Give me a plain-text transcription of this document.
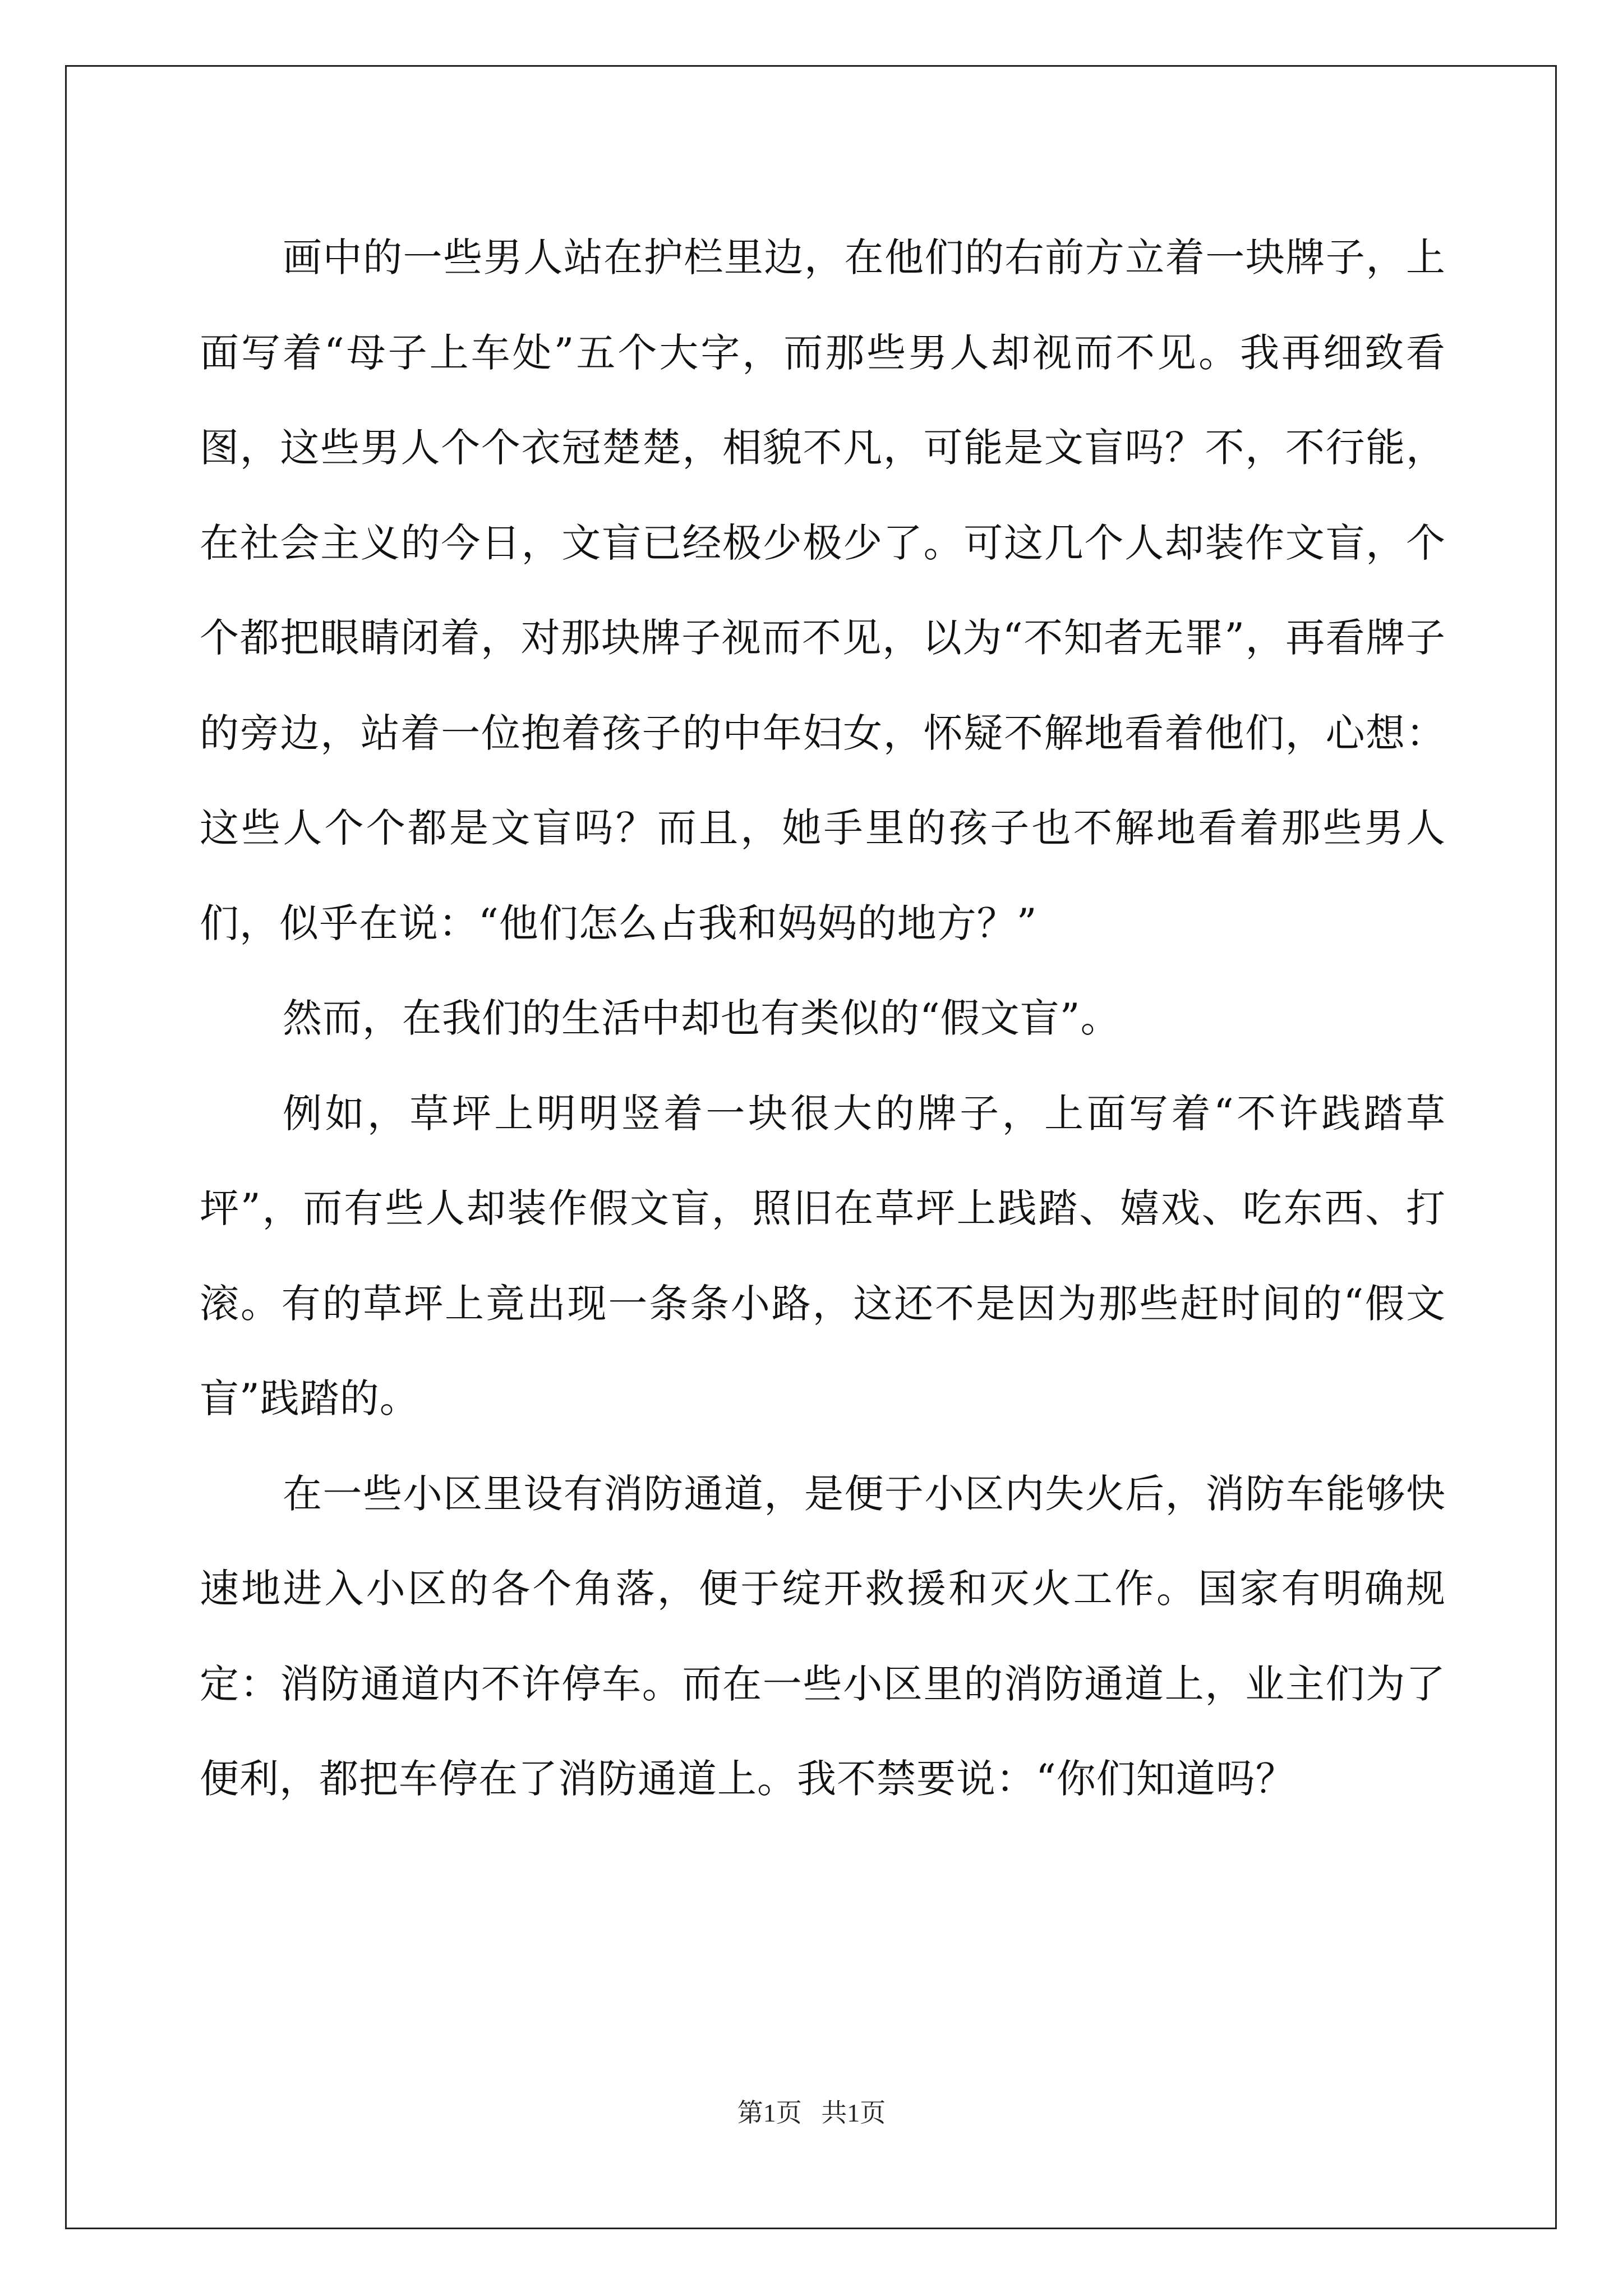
画中的一些男人站在护栏里边，在他们的右前方立着一块牌子，上面写着“母子上车处”五个大字，而那些男人却视而不见。我再细致看图，这些男人个个衣冠楚楚，相貌不凡，可能是文盲吗？不，不行能，在社会主义的今日，文盲已经极少极少了。可这几个人却装作文盲，个个都把眼睛闭着，对那块牌子视而不见，以为“不知者无罪”，再看牌子的旁边，站着一位抱着孩子的中年妇女，怀疑不解地看着他们，心想：这些人个个都是文盲吗？而且，她手里的孩子也不解地看着那些男人们，似乎在说：“他们怎么占我和妈妈的地方？”

然而，在我们的生活中却也有类似的“假文盲”。

例如，草坪上明明竖着一块很大的牌子，上面写着“不许践踏草坪”，而有些人却装作假文盲，照旧在草坪上践踏、嬉戏、吃东西、打滚。有的草坪上竟出现一条条小路，这还不是因为那些赶时间的“假文盲”践踏的。

在一些小区里设有消防通道，是便于小区内失火后，消防车能够快速地进入小区的各个角落，便于绽开救援和灭火工作。国家有明确规定：消防通道内不许停车。而在一些小区里的消防通道上，业主们为了便利，都把车停在了消防通道上。我不禁要说：“你们知道吗？

第1页 共1页
